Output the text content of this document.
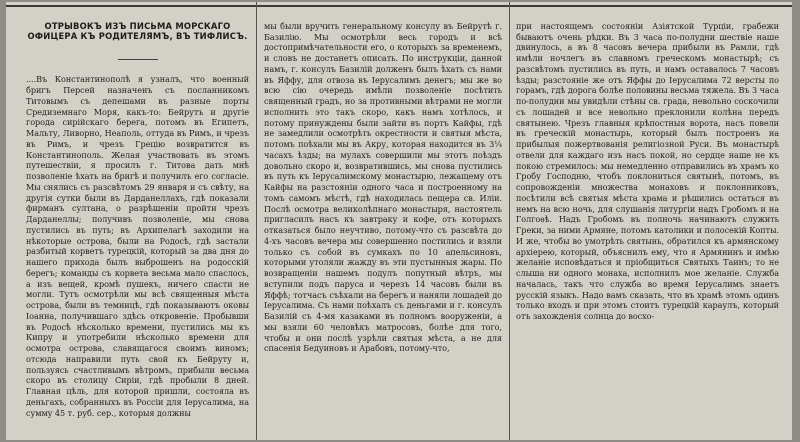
ОТРЫВОКЪ ИЗЪ ПИСЬМА МОРСКАГО ОФИЦЕРА КЪ РОДИТЕЛЯМЪ, ВЪ ТИФЛИСЪ.

....Въ Константинополѣ я узналъ, что военный бригъ Персей назначенъ съ посланникомъ Титовымъ съ депешами въ разные порты Средиземнаго Моря, какъ-то: Бейрутъ и другіе города сирійскаго берега, потомъ въ Египетъ, Мальту, Ливорно, Неаполь, оттуда въ Римъ, и чрезъ въ Римъ, и чрезъ Грецію возвратится въ Константинополь. Желая участвовать въ этомъ путешествіи, я просилъ г. Титова дать мнѣ позволеніе ѣхать на бригѣ и получилъ его согласіе. Мы снялись съ разсвѣтомъ 29 января и съ свѣту, на другія сутки были въ Дарданеллахъ, гдѣ показали фирманъ султана, о разрѣшеніи пройти чрезъ Дарданеллы; получивъ позволеніе, мы снова пустились въ путь; въ Архипелагѣ заходили на нѣкоторые острова, были на Родосѣ, гдѣ застали разбитый корветъ турецкій, который за два дня до нашего прихода былъ выброшенъ на родосскій берегъ; команды съ корвета весьма мало спаслось, а изъ вещей, кромѣ пушекъ, ничего спасти не могли. Тутъ осмотрѣли мы всѣ священныя мѣста острова, были въ темницѣ, гдѣ показываютъ оковы Іоанна, получившаго здѣсь откровеніе. Пробывши въ Родосѣ нѣсколько времени, пустились мы къ Кипру и употребили нѣсколько времени для осмотра острова, славящагося своимъ виномъ; отсюда направили путь свой къ Бейруту и, пользуясь счастливымъ вѣтромъ, прибыли весьма скоро въ столицу Сиріи, гдѣ пробыли 8 дней. Главная цѣль, для которой пришли, состояла въ деньгахъ, собранныхъ въ Россіи для Іерусалима, на сумму 45 т. руб. сер., которыя должны

мы были вручить генеральному консулу въ Бейрутѣ г. Базилію. Мы осмотрѣли весь городъ и всѣ достопримѣчательности его, о которыхъ за временемъ, и словъ не достанетъ описать. По инструкціи, данной намъ, г. консулъ Базилій долженъ былъ ѣхать съ нами въ Яффу, для отвоза въ Іерусалимъ денегъ; мы же во всю сію очередь имѣли позволеніе посѣтить священный градъ, но за противными вѣтрами не могли исполнить это такъ скоро, какъ намъ хотѣлось, и потому принуждены были зайти въ портъ Кайфы, гдѣ не замедлили осмотрѣть окрестности и святыя мѣста, потомъ поѣхали мы въ Акру, которая находится въ 3¼ часахъ ѣзды; на мулахъ совершили мы этотъ поѣздъ довольно скоро и, возвратившись, мы снова пустились въ путь къ Іерусалимскому монастырю, лежащему отъ Кайфы на разстояніи одного часа и построенному на томъ самомъ мѣстѣ, гдѣ находилась пещера св. Иліи. Послѣ осмотра великолѣпнаго монастыря, настоятель пригласилъ насъ къ завтраку и кофе, отъ которыхъ отказаться было неучтиво, потому-что съ разсвѣта до 4-хъ часовъ вечера мы совершенно постились и взяли только съ собой въ сумкахъ по 10 апельсиновъ, которыми утоляли жажду въ эти пустынныя жары. По возвращеніи нашемъ подулъ попутный вѣтръ, мы вступили подъ паруса и черезъ 14 часовъ были въ Яффѣ; тотчасъ съѣхали на берегъ и наняли лошадей до Іерусалима. Съ нами поѣхалъ съ деньгами и г. консулъ Базилій съ 4-мя казаками въ полномъ вооруженіи, а мы взяли 60 человѣкъ матросовъ, болѣе для того, чтобы и они послѣ узрѣли святыя мѣста, а не для спасенія Бедуиновъ и Арабовъ, потому-что,

при настоящемъ состояніи Азіятской Турціи, грабежи бываютъ очень рѣдки. Въ 3 часа по-полудни шествіе наше двинулось, а въ 8 часовъ вечера прибыли въ Рамли, гдѣ имѣли ночлегъ въ славномъ греческомъ монастырѣ; съ разсвѣтомъ пустились въ путь, и намъ оставалось 7 часовъ ѣзды; разстояніе же отъ Яффы до Іерусалима 72 версты по горамъ, гдѣ дорога болѣе половины весьма тяжела. Въ 3 часа по-полудни мы увидѣли стѣны св. града, невольно соскочили съ лошадей и все невольно преклонили колѣна передъ святынею. Чрезъ главныя крѣпостныя ворота, насъ повели въ греческій монастырь, который былъ построенъ на прибылыя пожертвованія религіозной Руси. Въ монастырѣ отвели для каждаго изъ насъ покой, но сердце наше не къ покою стремилось: мы немедленно отправились въ храмъ ко Гробу Господню, чтобъ поклониться святынѣ, потомъ, въ сопровожденіи множества монаховъ и поклонниковъ, посѣтили всѣ святыя мѣста храма и рѣшились остаться въ немъ на всю ночь, для слушанія литургіи надъ Гробомъ и на Голгоѳѣ. Надъ Гробомъ въ полночь начинаютъ служить Греки, за ними Армяне, потомъ католики и полосекій Копты. И же, чтобы во умотрѣть святынь, обратился къ армянскому архіерею, который, объяснилъ ему, что я Армянинъ и имѣю желаніе исповѣдаться и пріобщиться Святыхъ Таинъ; то не слыша ни одного монаха, исполнилъ мое желаніе. Служба началась, такъ что служба во время Іерусалимъ знаетъ русскій языкъ. Надо вамъ сказать, что въ храмѣ этомъ одинъ только входъ и при этомъ стоитъ турецкій караулъ, который отъ захожденія солнца до восхо-
